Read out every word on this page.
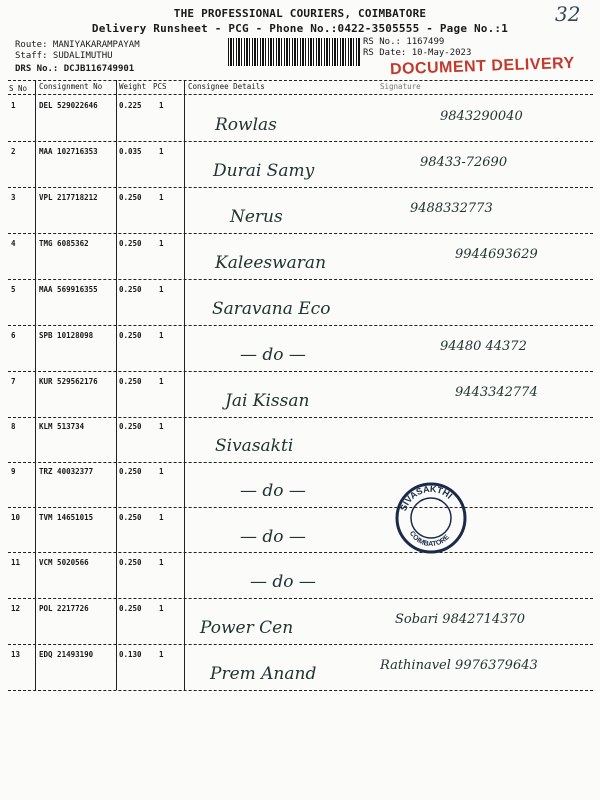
32
THE PROFESSIONAL COURIERS, COIMBATORE
Delivery Runsheet - PCG - Phone No.:0422-3505555 - Page No.:1
Route: MANIYAKARAMPAYAM
Staff: SUDALIMUTHU
DRS No.: DCJB116749901
RS No.: 1167499
RS Date: 10-May-2023
DOCUMENT DELIVERY
S No Consignment No Weight PCS	Consignee Details	Signature
1	DEL 529022646	0.225 1
Rowlas	9843290040
2	MAA 102716353	0.035 1
Durai Samy	98433-72690
3	VPL 217718212	0.250 1
Nerus	9488332773
4	TMG 6085362	0.250 1
Kaleeswaran	9944693629
5	MAA 569916355	0.250 1
Saravana Eco
6	SPB 10128098	0.250 1
— do —	94480 44372
7	KUR 529562176	0.250 1
Jai Kissan	9443342774
8	KLM 513734	0.250 1
Sivasakti
9	TRZ 40032377	0.250 1
— do —
10	TVM 14651015	0.250 1
— do —
11	VCM 5020566	0.250 1
— do —
12	POL 2217726	0.250 1
Power Cen	Sobari 9842714370
13	EDQ 21493190	0.130 1
Prem Anand	Rathinavel 9976379643
SIVASAKTHI
COIMBATORE
